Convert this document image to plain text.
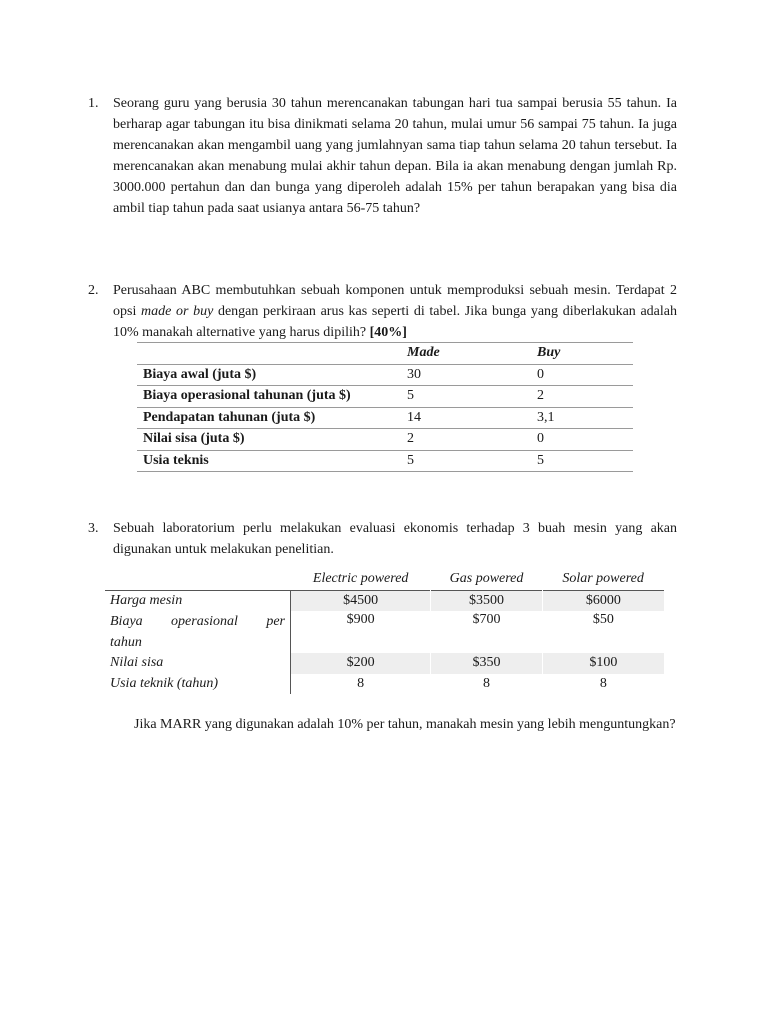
1.	Seorang guru yang berusia 30 tahun merencanakan tabungan hari tua sampai berusia 55 tahun. Ia berharap agar tabungan itu bisa dinikmati selama 20 tahun, mulai umur 56 sampai 75 tahun. Ia juga merencanakan akan mengambil uang yang jumlahnyan sama tiap tahun selama 20 tahun tersebut. Ia merencanakan akan menabung mulai akhir tahun depan. Bila ia akan menabung dengan jumlah Rp. 3000.000 pertahun dan dan bunga yang diperoleh adalah 15% per tahun berapakan yang bisa dia ambil tiap tahun pada saat usianya antara 56-75 tahun?
2.	Perusahaan ABC membutuhkan sebuah komponen untuk memproduksi sebuah mesin. Terdapat 2 opsi made or buy dengan perkiraan arus kas seperti di tabel. Jika bunga yang diberlakukan adalah 10% manakah alternative yang harus dipilih? [40%]
	Made	Buy
Biaya awal (juta $)	30	0
Biaya operasional tahunan (juta $)	5	2
Pendapatan tahunan (juta $)	14	3,1
Nilai sisa (juta $)	2	0
Usia teknis	5	5
3.	Sebuah laboratorium perlu melakukan evaluasi ekonomis terhadap 3 buah mesin yang akan digunakan untuk melakukan penelitian.
	Electric powered	Gas powered	Solar powered
Harga mesin	$4500	$3500	$6000

Biaya operasional per
tahun	$900	$700	$50
Nilai sisa	$200	$350	$100
Usia teknik (tahun)	8	8	8
Jika MARR yang digunakan adalah 10% per tahun, manakah mesin yang lebih menguntungkan?
